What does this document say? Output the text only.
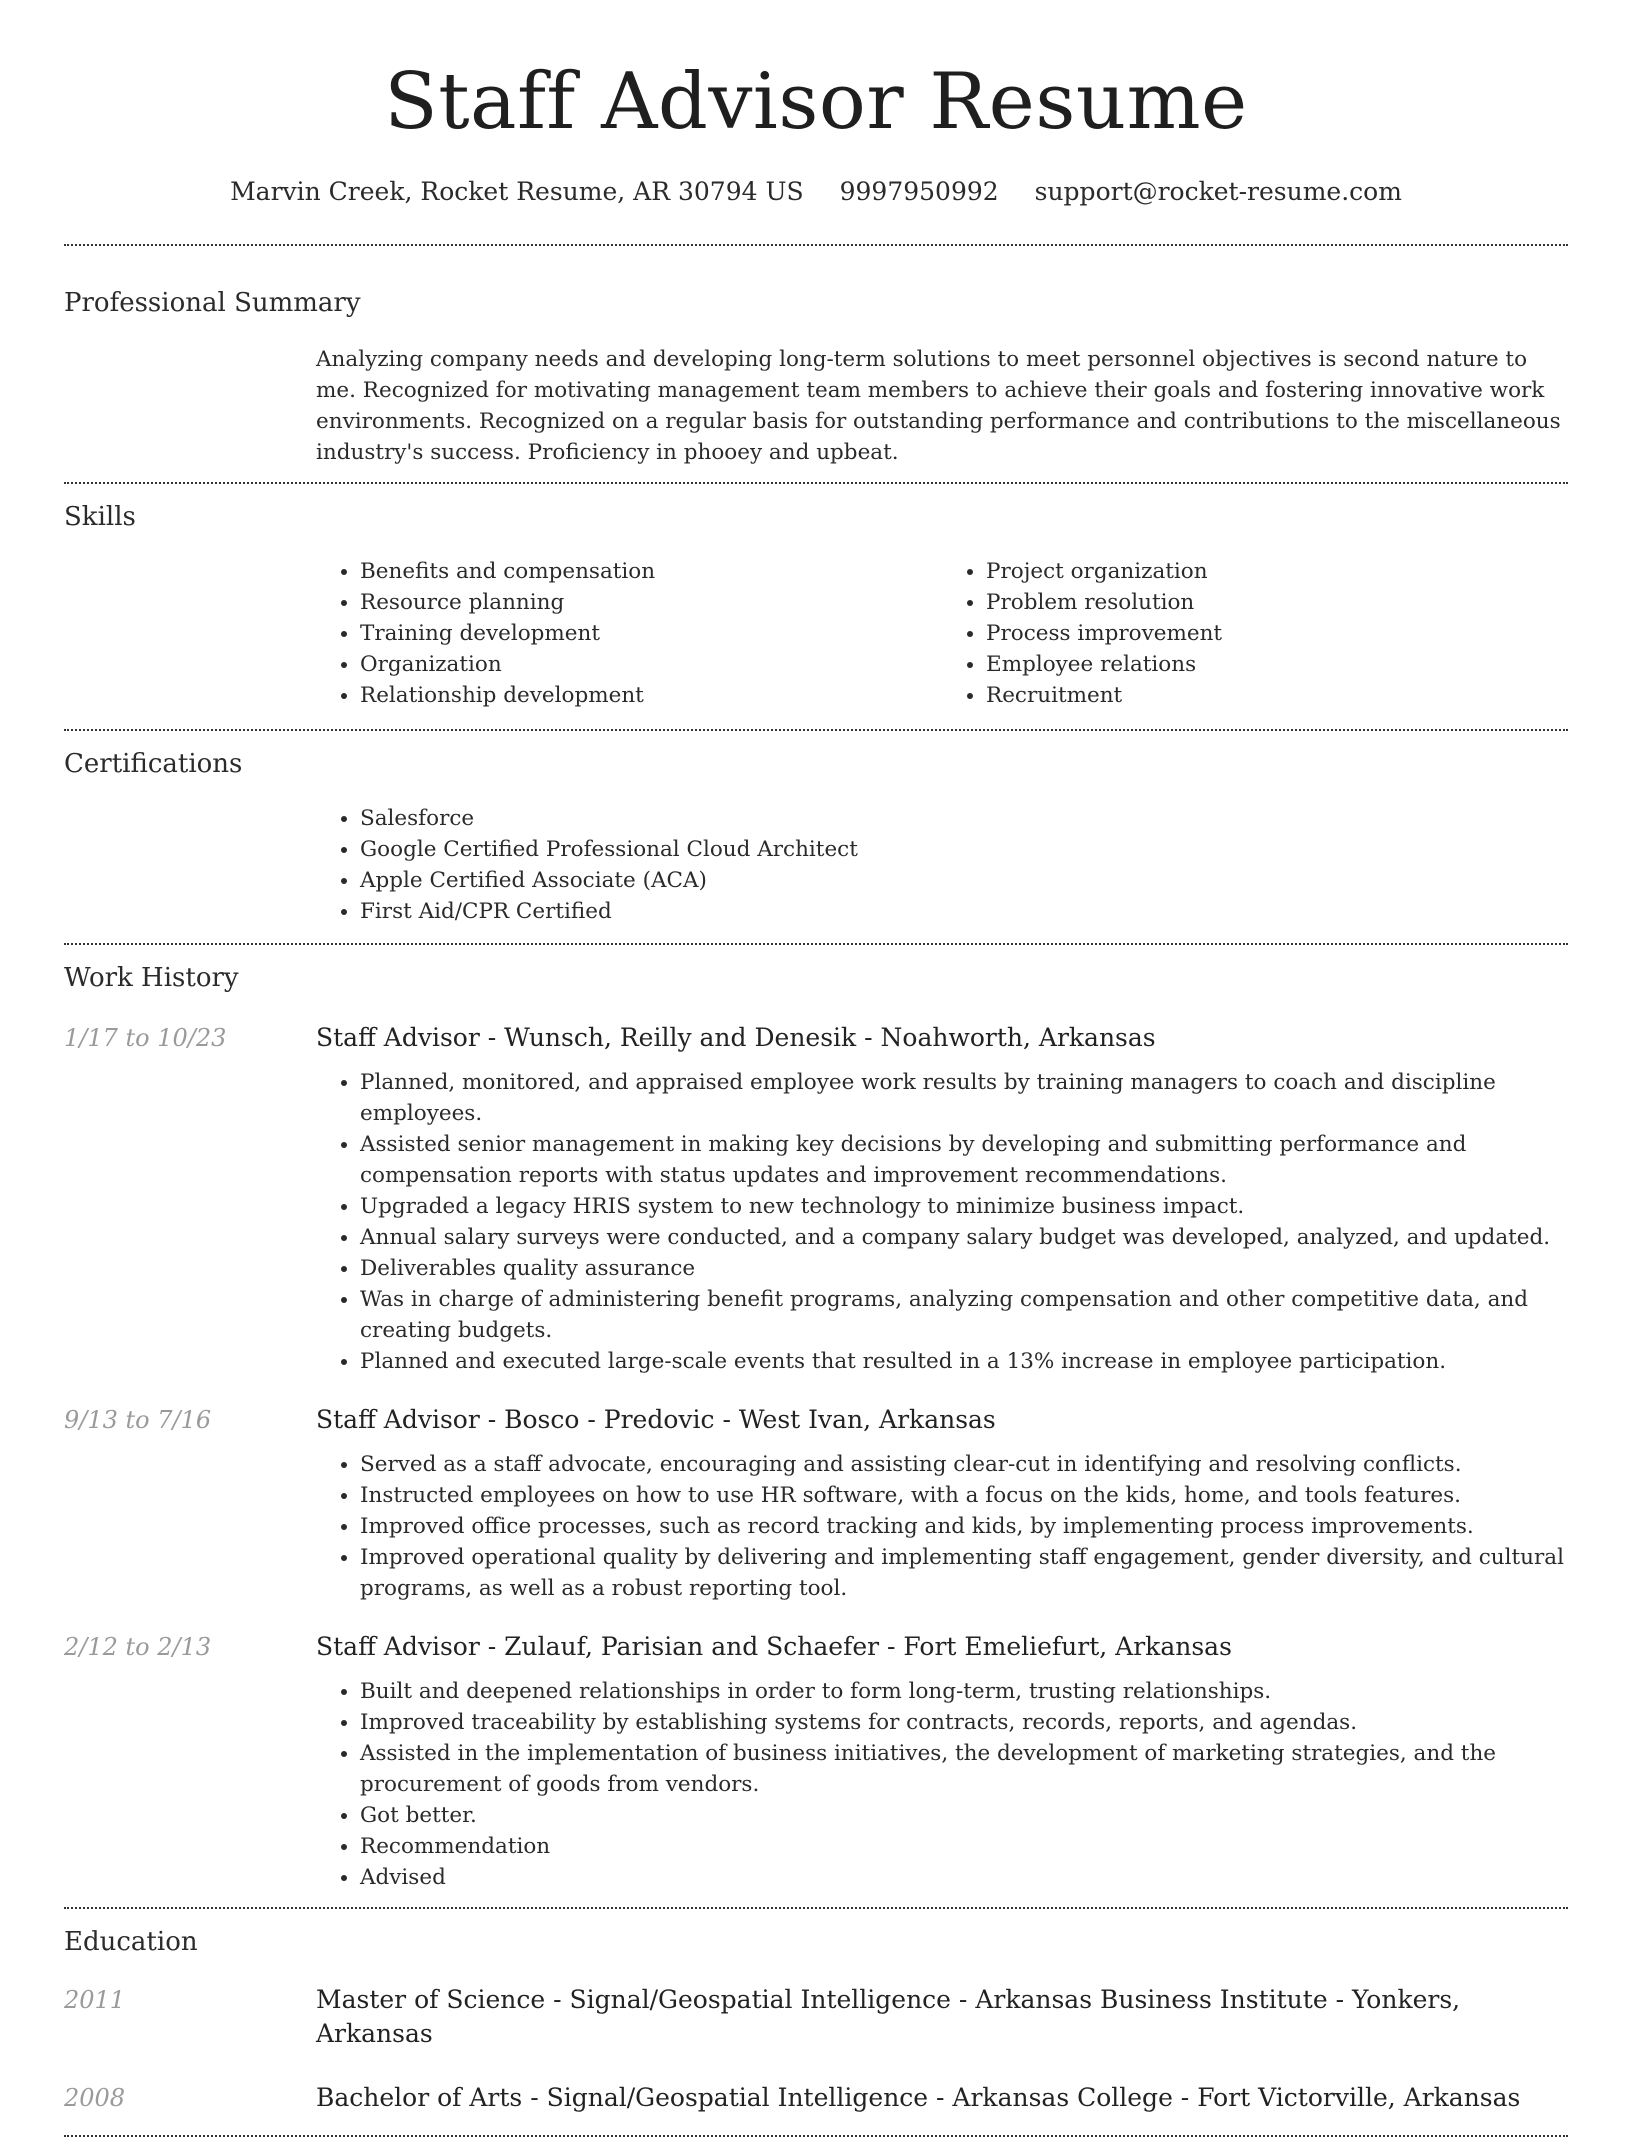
Staff Advisor Resume
Marvin Creek, Rocket Resume, AR 30794 US 9997950992 support@rocket-resume.com
Professional Summary
Analyzing company needs and developing long-term solutions to meet personnel objectives is second nature to me. Recognized for motivating management team members to achieve their goals and fostering innovative work environments. Recognized on a regular basis for outstanding performance and contributions to the miscellaneous industry's success. Proficiency in phooey and upbeat.
Skills
• Benefits and compensation
• Resource planning
• Training development
• Organization
• Relationship development
• Project organization
• Problem resolution
• Process improvement
• Employee relations
• Recruitment
Certifications
• Salesforce
• Google Certified Professional Cloud Architect
• Apple Certified Associate (ACA)
• First Aid/CPR Certified
Work History
1/17 to 10/23	Staff Advisor - Wunsch, Reilly and Denesik - Noahworth, Arkansas
• Planned, monitored, and appraised employee work results by training managers to coach and discipline employees.
• Assisted senior management in making key decisions by developing and submitting performance and compensation reports with status updates and improvement recommendations.
• Upgraded a legacy HRIS system to new technology to minimize business impact.
• Annual salary surveys were conducted, and a company salary budget was developed, analyzed, and updated.
• Deliverables quality assurance
• Was in charge of administering benefit programs, analyzing compensation and other competitive data, and creating budgets.
• Planned and executed large-scale events that resulted in a 13% increase in employee participation.
9/13 to 7/16	Staff Advisor - Bosco - Predovic - West Ivan, Arkansas
• Served as a staff advocate, encouraging and assisting clear-cut in identifying and resolving conflicts.
• Instructed employees on how to use HR software, with a focus on the kids, home, and tools features.
• Improved office processes, such as record tracking and kids, by implementing process improvements.
• Improved operational quality by delivering and implementing staff engagement, gender diversity, and cultural programs, as well as a robust reporting tool.
2/12 to 2/13	Staff Advisor - Zulauf, Parisian and Schaefer - Fort Emeliefurt, Arkansas
• Built and deepened relationships in order to form long-term, trusting relationships.
• Improved traceability by establishing systems for contracts, records, reports, and agendas.
• Assisted in the implementation of business initiatives, the development of marketing strategies, and the procurement of goods from vendors.
• Got better.
• Recommendation
• Advised
Education
2011	Master of Science - Signal/Geospatial Intelligence - Arkansas Business Institute - Yonkers, Arkansas
2008	Bachelor of Arts - Signal/Geospatial Intelligence - Arkansas College - Fort Victorville, Arkansas
